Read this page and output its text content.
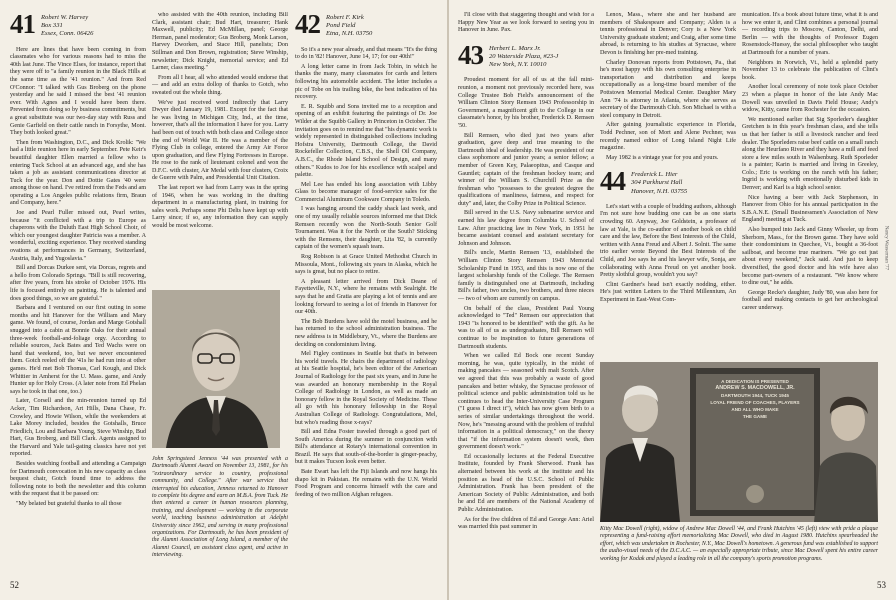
41 Robert W. Harvey
Box 331
Essex, Conn. 06426

Here are lines that have been coming in from classmates who for various reasons had to miss the 40th last June. The Vince Elses, for instance, report that they were off to "a family reunion in the Black Hills at the same time as the '41 reunion." And from Red O'Connor: "I talked with Gus Broberg on the phone yesterday and he said I missed the best '41 reunion ever. With Agnes and I would have been there. Prevented from doing so by business commitments, but a great substitute was our two-day stay with Russ and Genie Garfield on their cattle ranch in Forsythe, Mont. They both looked great."

Then from Washington, D.C., and Dick Krolik: "We had a little reunion here in early September. Pete Keir's beautiful daughter Ellen married a fellow who is entering Tuck School at an advanced age, and she has taken a job as assistant communications director at Tuck for the year. Don and Dottie Gates '40 were among those on hand. I've retired from the Feds and am operating a Los Angeles public relations firm, Braun and Company, here."

Joe and Pearl Fuller missed out, Pearl writes, because "it conflicted with a trip to Europe as chaperons with the Duluth East High School Choir, of which our youngest daughter Patricia was a member. A wonderful, exciting experience. They received standing ovations at performances in Germany, Switzerland, Austria, Italy, and Yugoslavia."

Bill and Dorcas Durkee sent, via Dorcas, regrets and a hello from Colorado Springs. "Bill is still recovering, after five years, from his stroke of October 1976. His life is focused entirely on painting. He is talented and does good things, so we are grateful."

Barbara and I ventured on our first outing in some months and hit Hanover for the William and Mary game. We found, of course, Jordan and Marge Gotshall snugged into a cabin at Bonnie Oaks for their annual three-week football-and-foliage orgy. According to reliable sources, Jack Bates and Ted Wachs were on hand that weekend, too, but we never encountered them. Gotch reeled off the '41s he had run into at other games. He'd met Bob Thomas, Carl Kough, and Dick Whittier in Amherst for the U. Mass. game, and Andy Hunter up for Holy Cross. (A later note from Ed Phelan says he took in that one, too.)

Later, Corsell and the min-reunion turned up Ed Acker, Tim Richardson, Art Hills, Dana Chase, Fr. Crowley, and Howie Wilson, while the weekenders at Lake Morey included, besides the Gotshalls, Bruce Friedlich, Lou and Barbara Young, Steve Winship, Bud Hart, Gus Broberg, and Bill Clark. Agents assigned to the Harvard and Yale tail-gating classics have not yet reported.

Besides watching football and attending a Campaign for Dartmouth convocation in his new capacity as class bequest chair, Gotch found time to address the following note to both the newsletter and this column with the request that it be passed on:

"My belated but grateful thanks to all those

52

who assisted with the 40th reunion, including Bill Clark, assistant chair; Bud Hart, treasurer; Hank Maxwell, publicity; Ed McMillan, panel; George Herman, panel moderator; Gus Broberg, Monk Larson, Harvey Dworken, and Stace Hill, panelists; Don Stillman and Don Brown, registration; Steve Winship, newsletter; Dick Knight, memorial service; and Ed Larner, class meeting."

From all I hear, all who attended would endorse that — and add an extra dollop of thanks to Gotch, who sweated out the whole thing.

We've just received word indirectly that Larry Dwyer died January 19, 1981. Except for the fact that he was living in Michigan City, Ind., at the time, however, that's all the information I have for you. Larry had been out of touch with both class and College since the end of World War II. He was a member of the Flying Club in college, entered the Army Air Force upon graduation, and flew Flying Fortresses in Europe. He rose to the rank of lieutenant colonel and won the D.F.C. with cluster, Air Medal with four clusters, Croix de Guerre with Palm, and Presidential Unit Citation.

The last report we had from Larry was in the spring of 1946, when he was working in the drafting department in a manufacturing plant, in training for sales work. Perhaps some Phi Delts have kept up with Larry since; if so, any information they can supply would be most welcome.

John Springsteed Jenness '44 was presented with a Dartmouth Alumni Award on November 13, 1981, for his "extraordinary service to country, professional community, and College." After war service that interrupted his education, Jenness returned to Hanover to complete his degree and earn an M.B.A. from Tuck. He then entered a career in human resources planning, training, and development — working in the corporate world, teaching business administration at Adelphi University since 1962, and serving in many professional organizations. For Dartmouth, he has been president of the Alumni Association of Long Island, a member of the Alumni Council, an assistant class agent, and active in interviewing.
42 Robert F. Kirk
Pond Field
Etna, N.H. 03750

So it's a new year already, and that means "It's the thing to do in '82! Hanover, June 14, 17; for our 40th!"

A long letter came in from Jack Tobin, in which he thanks the many, many classmates for cards and letters following his automobile accident. The letter includes a pic of Tobe on his trailing bike, the best indication of his recovery.

E. R. Squibb and Sons invited me to a reception and opening of an exhibit featuring the paintings of Dr. Joe Wilder at the Squibb Gallery in Princeton in October. The invitation goes on to remind me that "his dynamic work is widely represented in distinguished collections including Hofstra University, Dartmouth College, the David Rockefeller Collection, C.B.S., the Shell Oil Company, A.B.C., the Rhode Island School of Design, and many others." Kudos to Joe for his excellence with scalpel and palette.

Mel Lee has ended his long association with Libby Glass to become manager of food-service sales for the Commercial Aluminum Cookware Company in Toledo.

I was hanging around the caddy shack last week, and one of my usually reliable sources informed me that Dick Remsen recently won the North-South Senior Golf Tournament. Was it for the North or the South? Sticking with the Remsens, their daughter, Lita '82, is currently captain of the women's squash team.

Rog Robison is at Grace United Methodist Church in Missoula, Mont., following six years in Alaska, which he says is great, but no place to retire.

A pleasant letter arrived from Dick Deane of Fayetteville, N.Y., where he remains with Sealright. He says that he and Gratia are playing a lot of tennis and are looking forward to seeing a lot of friends in Hanover for our 40th.

The Bob Burdens have sold the motel business, and he has returned to the school administration business. The new address is in Middlebury, Vt., where the Burdens are deciding on condominium living.

Mel Figley continues in Seattle but that's in between his world travels. He chairs the department of radiology at his Seattle hospital, he's been editor of the American Journal of Radiology for the past six years, and in June he was awarded an honorary membership in the Royal College of Radiology in London, as well as made an honorary fellow in the Royal Society of Medicine. These all go with his honorary fellowship in the Royal Australian College of Radiology. Congratulations, Mel, but who's reading those x-rays?

Bill and Edna Foster traveled through a good part of South America during the summer in conjunction with Bill's attendance at Rotary's international convention in Brazil. He says that south-of-the-border is ginger-peachy, but it makes Tucson look even better.

Bate Ewart has left the Fiji Islands and now hangs his diapo kit in Pakistan. He remains with the U.N. World Food Program and concerns himself with the care and feeding of two million Afghan refugees.

I'll close with that staggering thought and wish for a Happy New Year as we look forward to seeing you in Hanover in June. Pax.

43 Herbert L. Marx Jr.
20 Waterside Plaza, #23-J
New York, N.Y. 10010

Proudest moment for all of us at the fall mini-reunion, a moment not previously recorded here, was College Trustee Bob Field's announcement of the William Clinton Story Remsen 1943 Professorship in Government, a magnificent gift to the College in our classmate's honor, by his brother, Frederick D. Remsen '50.

Bill Remsen, who died just two years after graduation, gave deep and true meaning to the Dartmouth ideal of leadership. He was president of our class sophomore and junior years; a senior fellow; a member of Green Key, Palaeopitus, and Casque and Gauntlet; captain of the freshman hockey team; and winner of the William S. Churchill Prize as the freshman who "possesses to the greatest degree the qualifications of manliness, fairness, and respect for duty" and, later, the Colby Prize in Political Science.

Bill served in the U.S. Navy submarine service and earned his law degree from Columbia U. School of Law. After practicing law in New York, in 1951 he became assistant counsel and assistant secretary for Johnson and Johnson.

Bill's uncle, Martin Remsen '13, established the William Clinton Story Remsen 1943 Memorial Scholarship Fund in 1953, and this is now one of the largest scholarship funds of the College. The Remsen family is distinguished one at Dartmouth, including Bill's father, two uncles, two brothers, and three nieces — two of whom are currently on campus.

On behalf of the class, President Paul Young acknowledged to "Ted" Remsen our appreciation that 1943 "is honored to be identified" with the gift. As he was to all of us as undergraduates, Bill Remsen will continue to be inspiration to future generations of Dartmouth students.

When we called Ed Bock one recent Sunday morning, he was, quite typically, in the midst of making pancakes — seasoned with malt Scotch. After we agreed that this was probably a waste of good pancakes and better whisky, the Syracuse professor of political science and public administration told us he continues to head the Inter-University Case Program ("I guess I direct it"), which has now given birth to a series of similar undertakings throughout the world. Now, he's "messing around with the problem of truthful information in a political democracy," on the theory that "if the information system doesn't work, then government doesn't work."

Ed occasionally lectures at the Federal Executive Institute, founded by Frank Sherwood. Frank has alternated between his work at the institute and his position as head of the U.S.C. School of Public Administration. Frank has been president of the American Society of Public Administration, and both he and Ed are members of the National Academy of Public Administration.

As for the five children of Ed and George Ann: Ariel was married this past summer in

Lenox, Mass., where she and her husband are members of Shakespeare and Company; Alden is a tennis professional in Denver; Cory is a New York University graduate student; and Craig, after some time abroad, is returning to his studies at Syracuse, where Devon is finishing her pre-med training.

Charley Donovan reports from Pottstown, Pa., that he's most happy with his own consulting enterprise in transportation and distribution and keeps occupationally as a long-time board member of the Pottstown Memorial Medical Center. Daughter Mary Ann '74 is attorney in Atlanta, where she serves as secretary of the Dartmouth Club. Son Michael is with a steel company in Detroit.

After gaining journalistic experience in Florida, Todd Pechner, son of Mort and Alene Pechner, was recently named editor of Long Island Night Life magazine.

May 1982 is a vintage year for you and yours.

44 Frederick L. Hier
304 Parkhurst Hall
Hanover, N.H. 03755

Let's start with a couple of budding authors, although I'm not sure how budding one can be as one starts crowding 60. Anyway, Joe Goldstein, a professor of law at Yale, is the co-author of another book on child care and the law, Before the Best Interests of the Child, written with Anna Freud and Albert J. Solnit. The same trio earlier wrote Beyond the Best Interests of the Child, and Joe says he and his lawyer wife, Sonja, are collaborating with Anna Freud on yet another book. Pretty slothful group, wouldn't you say?

Clint Gardner's head isn't exactly nodding, either. He's just written Letters to the Third Millennium, An Experiment in East-West Com-

A DEDICATION IS PRESENTED
ANDREW S. MACDOWELL, JR.
DARTMOUTH 1944, TUCK 1945
LOYAL FRIEND OF COACHES, PLAYERS
AND ALL WHO MAKE
THE GAME
Kitty Mac Dowell (right), widow of Andrew Mac Dowell '44, and Frank Hutchins '45 (left) view with pride a plaque representing a fund-raising effort memorializing Mac Dowell, who died in August 1980. Hutchins spearheaded the effort, which was undertaken in Rochester, N.Y., Mac Dowell's hometown. A generous fund was established to support the audio-visual needs of the D.C.A.C. — an especially appropriate tribute, since Mac Dowell spent his entire career working for Kodak and played a leading role in all the company's sports promotion programs.

munication. It's a book about future time, what it is and how we enter it, and Clint combines a personal journal — recording trips to Moscow, Canton, Delhi, and Berlin — with the thoughts of Professor Eugen Rosenstock-Huessy, the social philosopher who taught at Dartmouth for a number of years.

Neighbors in Norwich, Vt., held a splendid party November 13 to celebrate the publication of Clint's book.

Another local ceremony of note took place October 23 when a plaque in honor of the late Andy Mac Dowell was unveiled in Davis Field House; Andy's widow, Kitty, came from Rochester for the occasion.

We mentioned earlier that Sig Sporleder's daughter Gretchen is in this year's freshman class, and she tells us that her father is still a livestock rancher and feed dealer. The Sporleders raise beef cattle on a small ranch along the Heurfano River and they have a mill and feed store a few miles south in Walsenburg. Ruth Sporleder is a painter; Karin is married and living in Greeley, Colo.; Eric is working on the ranch with his father; Ingrid is working with emotionally disturbed kids in Denver; and Karl is a high school senior.

Nice having a beer with Jack Stephenson, in Hanover from Ohio for his annual participation in the S.B.A.N.E. (Small Businessmen's Association of New England) meeting at Tuck.

Also bumped into Jack and Ginny Wheeler, up from Sherborn, Mass., for the Brown game. They have sold their condominium in Quechee, Vt., bought a 36-foot sailboat, and become true mariners. "We go out just about every weekend," Jack said. And just to keep diversified, the good doctor and his wife have also become part-owners of a restaurant. "We know where to dine out," he adds.

George Recke's daughter, Judy '80, was also here for football and making contacts to get her archeological career underway.

Nancy Wasserman '77
53
